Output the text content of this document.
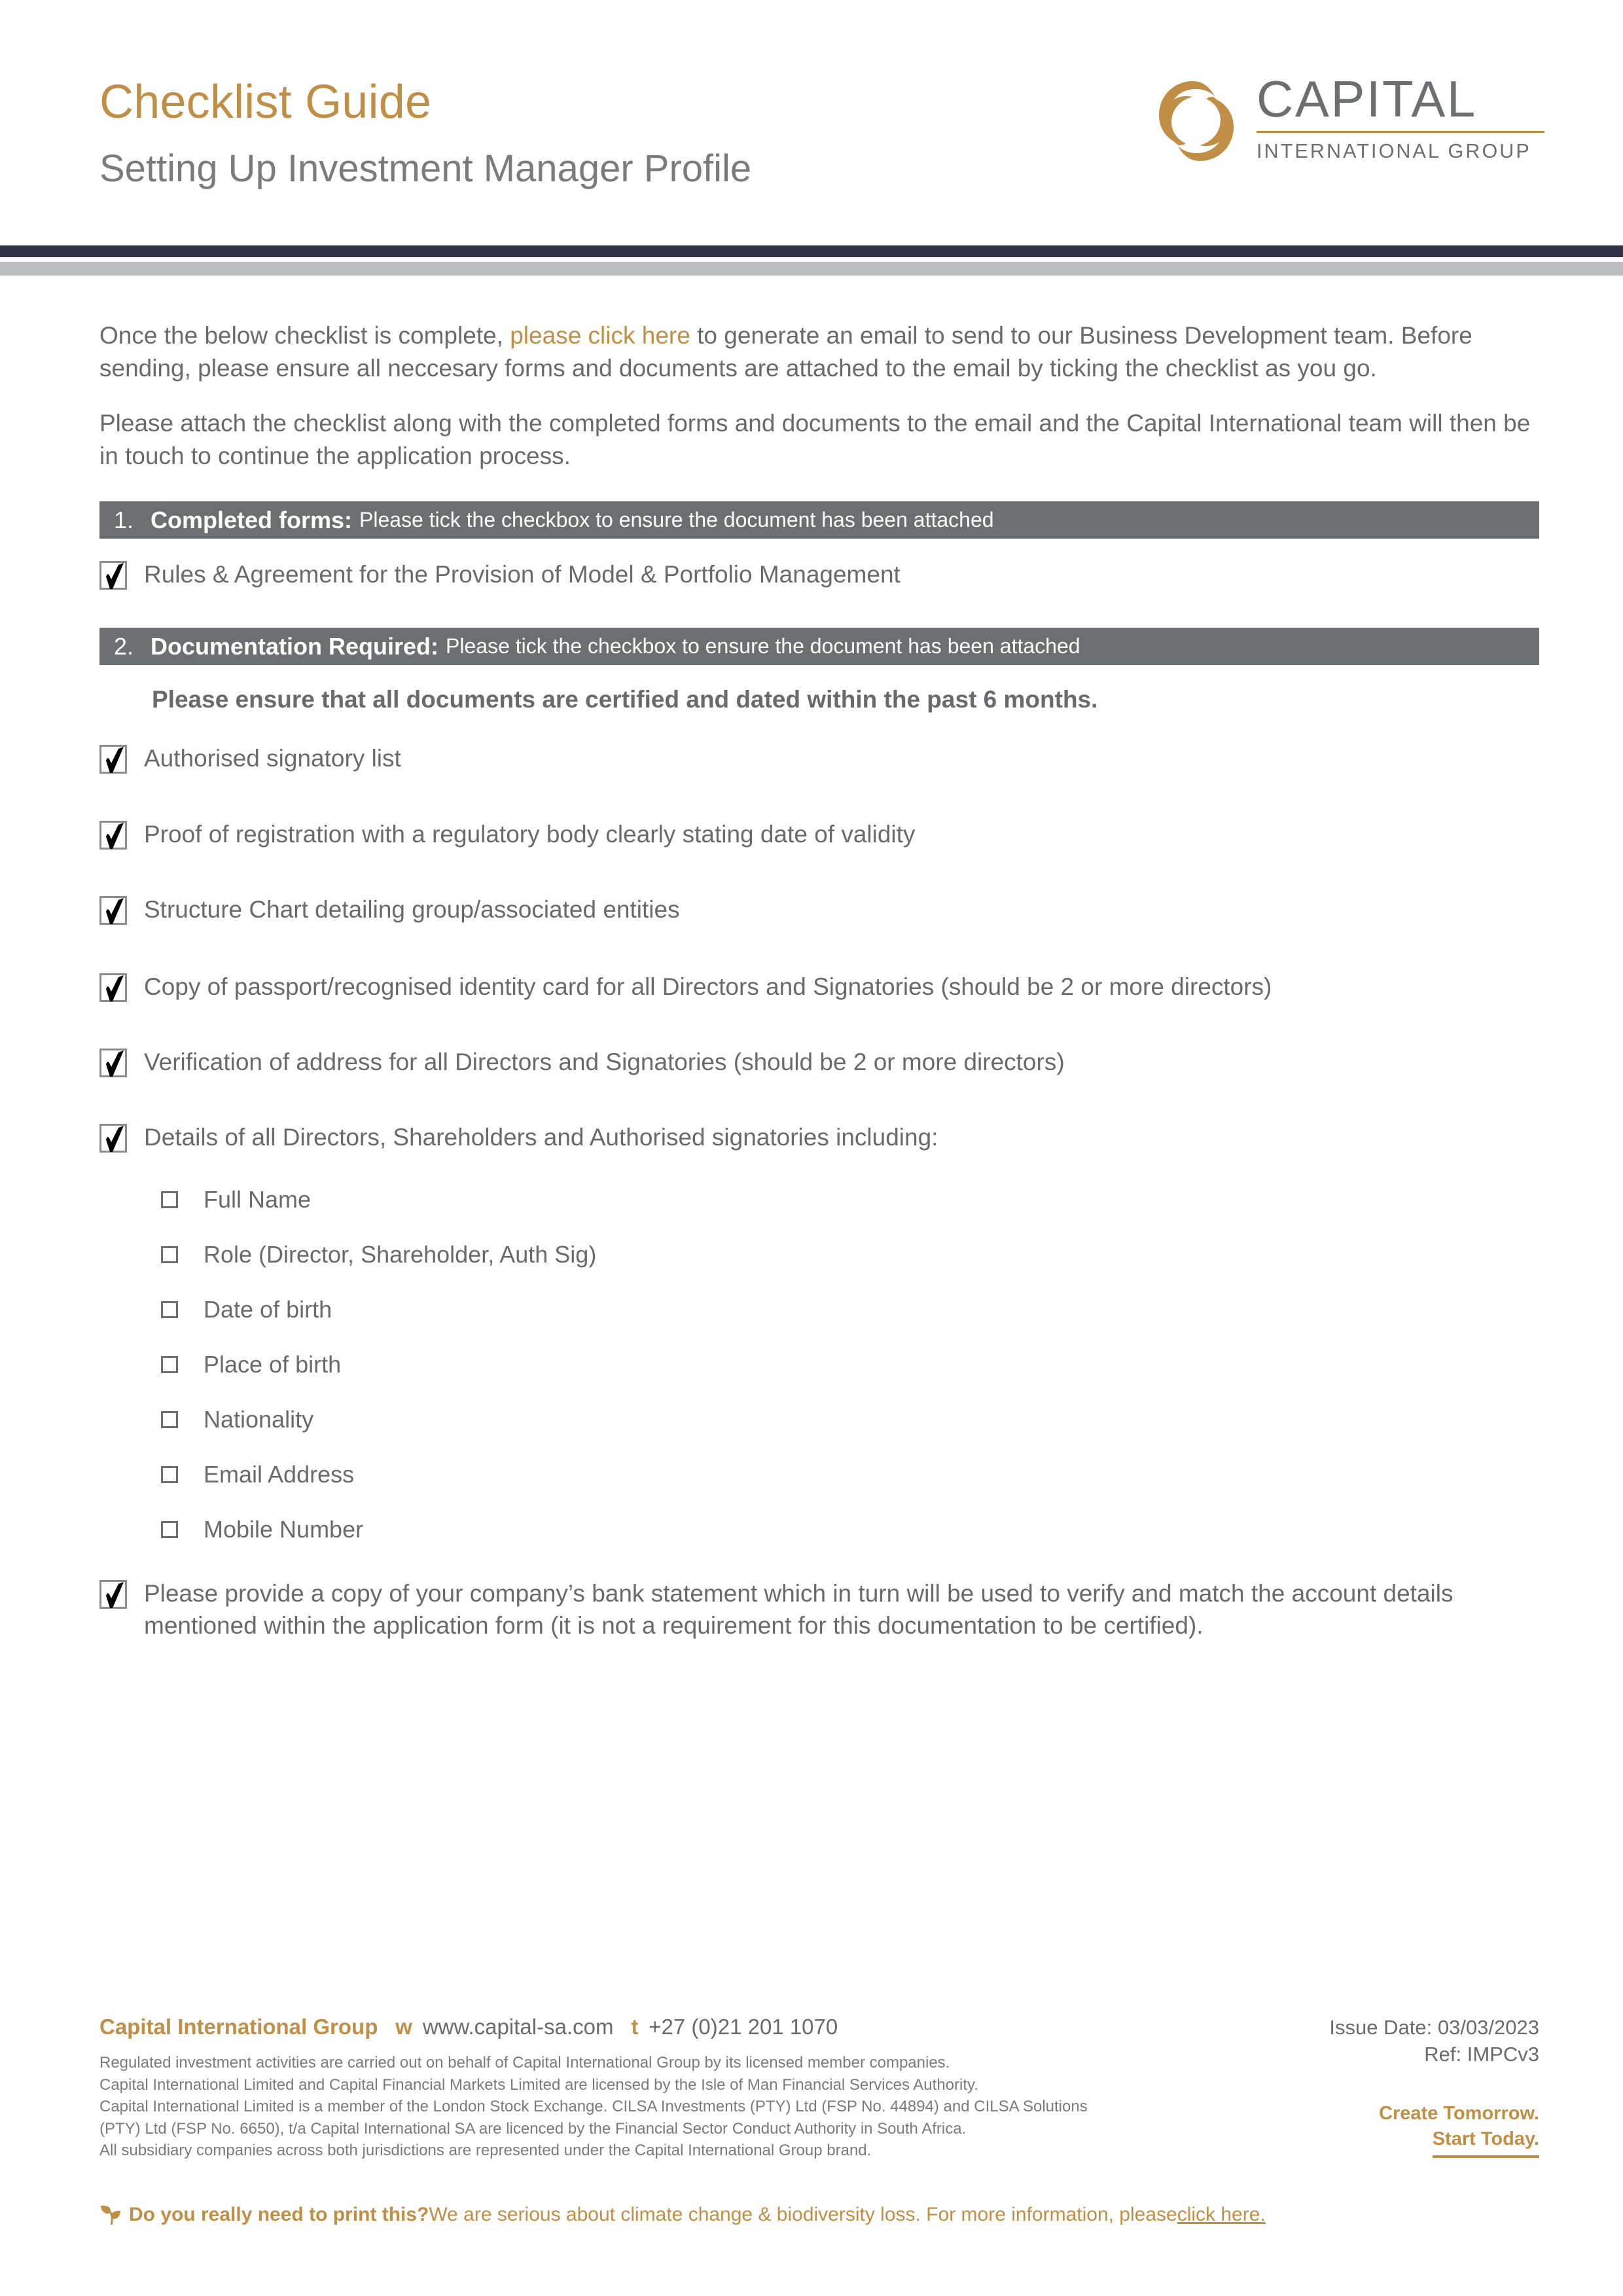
Checklist Guide
Setting Up Investment Manager Profile
CAPITAL
INTERNATIONAL GROUP

Once the below checklist is complete, please click here to generate an email to send to our Business Development team. Before sending, please ensure all neccesary forms and documents are attached to the email by ticking the checklist as you go.

Please attach the checklist along with the completed forms and documents to the email and the Capital International team will then be in touch to continue the application process.

1. Completed forms: Please tick the checkbox to ensure the document has been attached
Rules & Agreement for the Provision of Model & Portfolio Management
2. Documentation Required: Please tick the checkbox to ensure the document has been attached
Please ensure that all documents are certified and dated within the past 6 months.
Authorised signatory list
Proof of registration with a regulatory body clearly stating date of validity
Structure Chart detailing group/associated entities
Copy of passport/recognised identity card for all Directors and Signatories (should be 2 or more directors)
Verification of address for all Directors and Signatories (should be 2 or more directors)
Details of all Directors, Shareholders and Authorised signatories including:
Full Name
Role (Director, Shareholder, Auth Sig)
Date of birth
Place of birth
Nationality
Email Address
Mobile Number
Please provide a copy of your company’s bank statement which in turn will be used to verify and match the account details mentioned within the application form (it is not a requirement for this documentation to be certified).
Capital International Group w www.capital-sa.com t +27 (0)21 201 1070	Issue Date: 03/03/2023
Ref: IMPCv3
Create Tomorrow.
Start Today.
Regulated investment activities are carried out on behalf of Capital International Group by its licensed member companies.
Capital International Limited and Capital Financial Markets Limited are licensed by the Isle of Man Financial Services Authority.
Capital International Limited is a member of the London Stock Exchange. CILSA Investments (PTY) Ltd (FSP No. 44894) and CILSA Solutions
(PTY) Ltd (FSP No. 6650), t/a Capital International SA are licenced by the Financial Sector Conduct Authority in South Africa.
All subsidiary companies across both jurisdictions are represented under the Capital International Group brand.
Do you really need to print this? We are serious about climate change & biodiversity loss. For more information, please click here.
